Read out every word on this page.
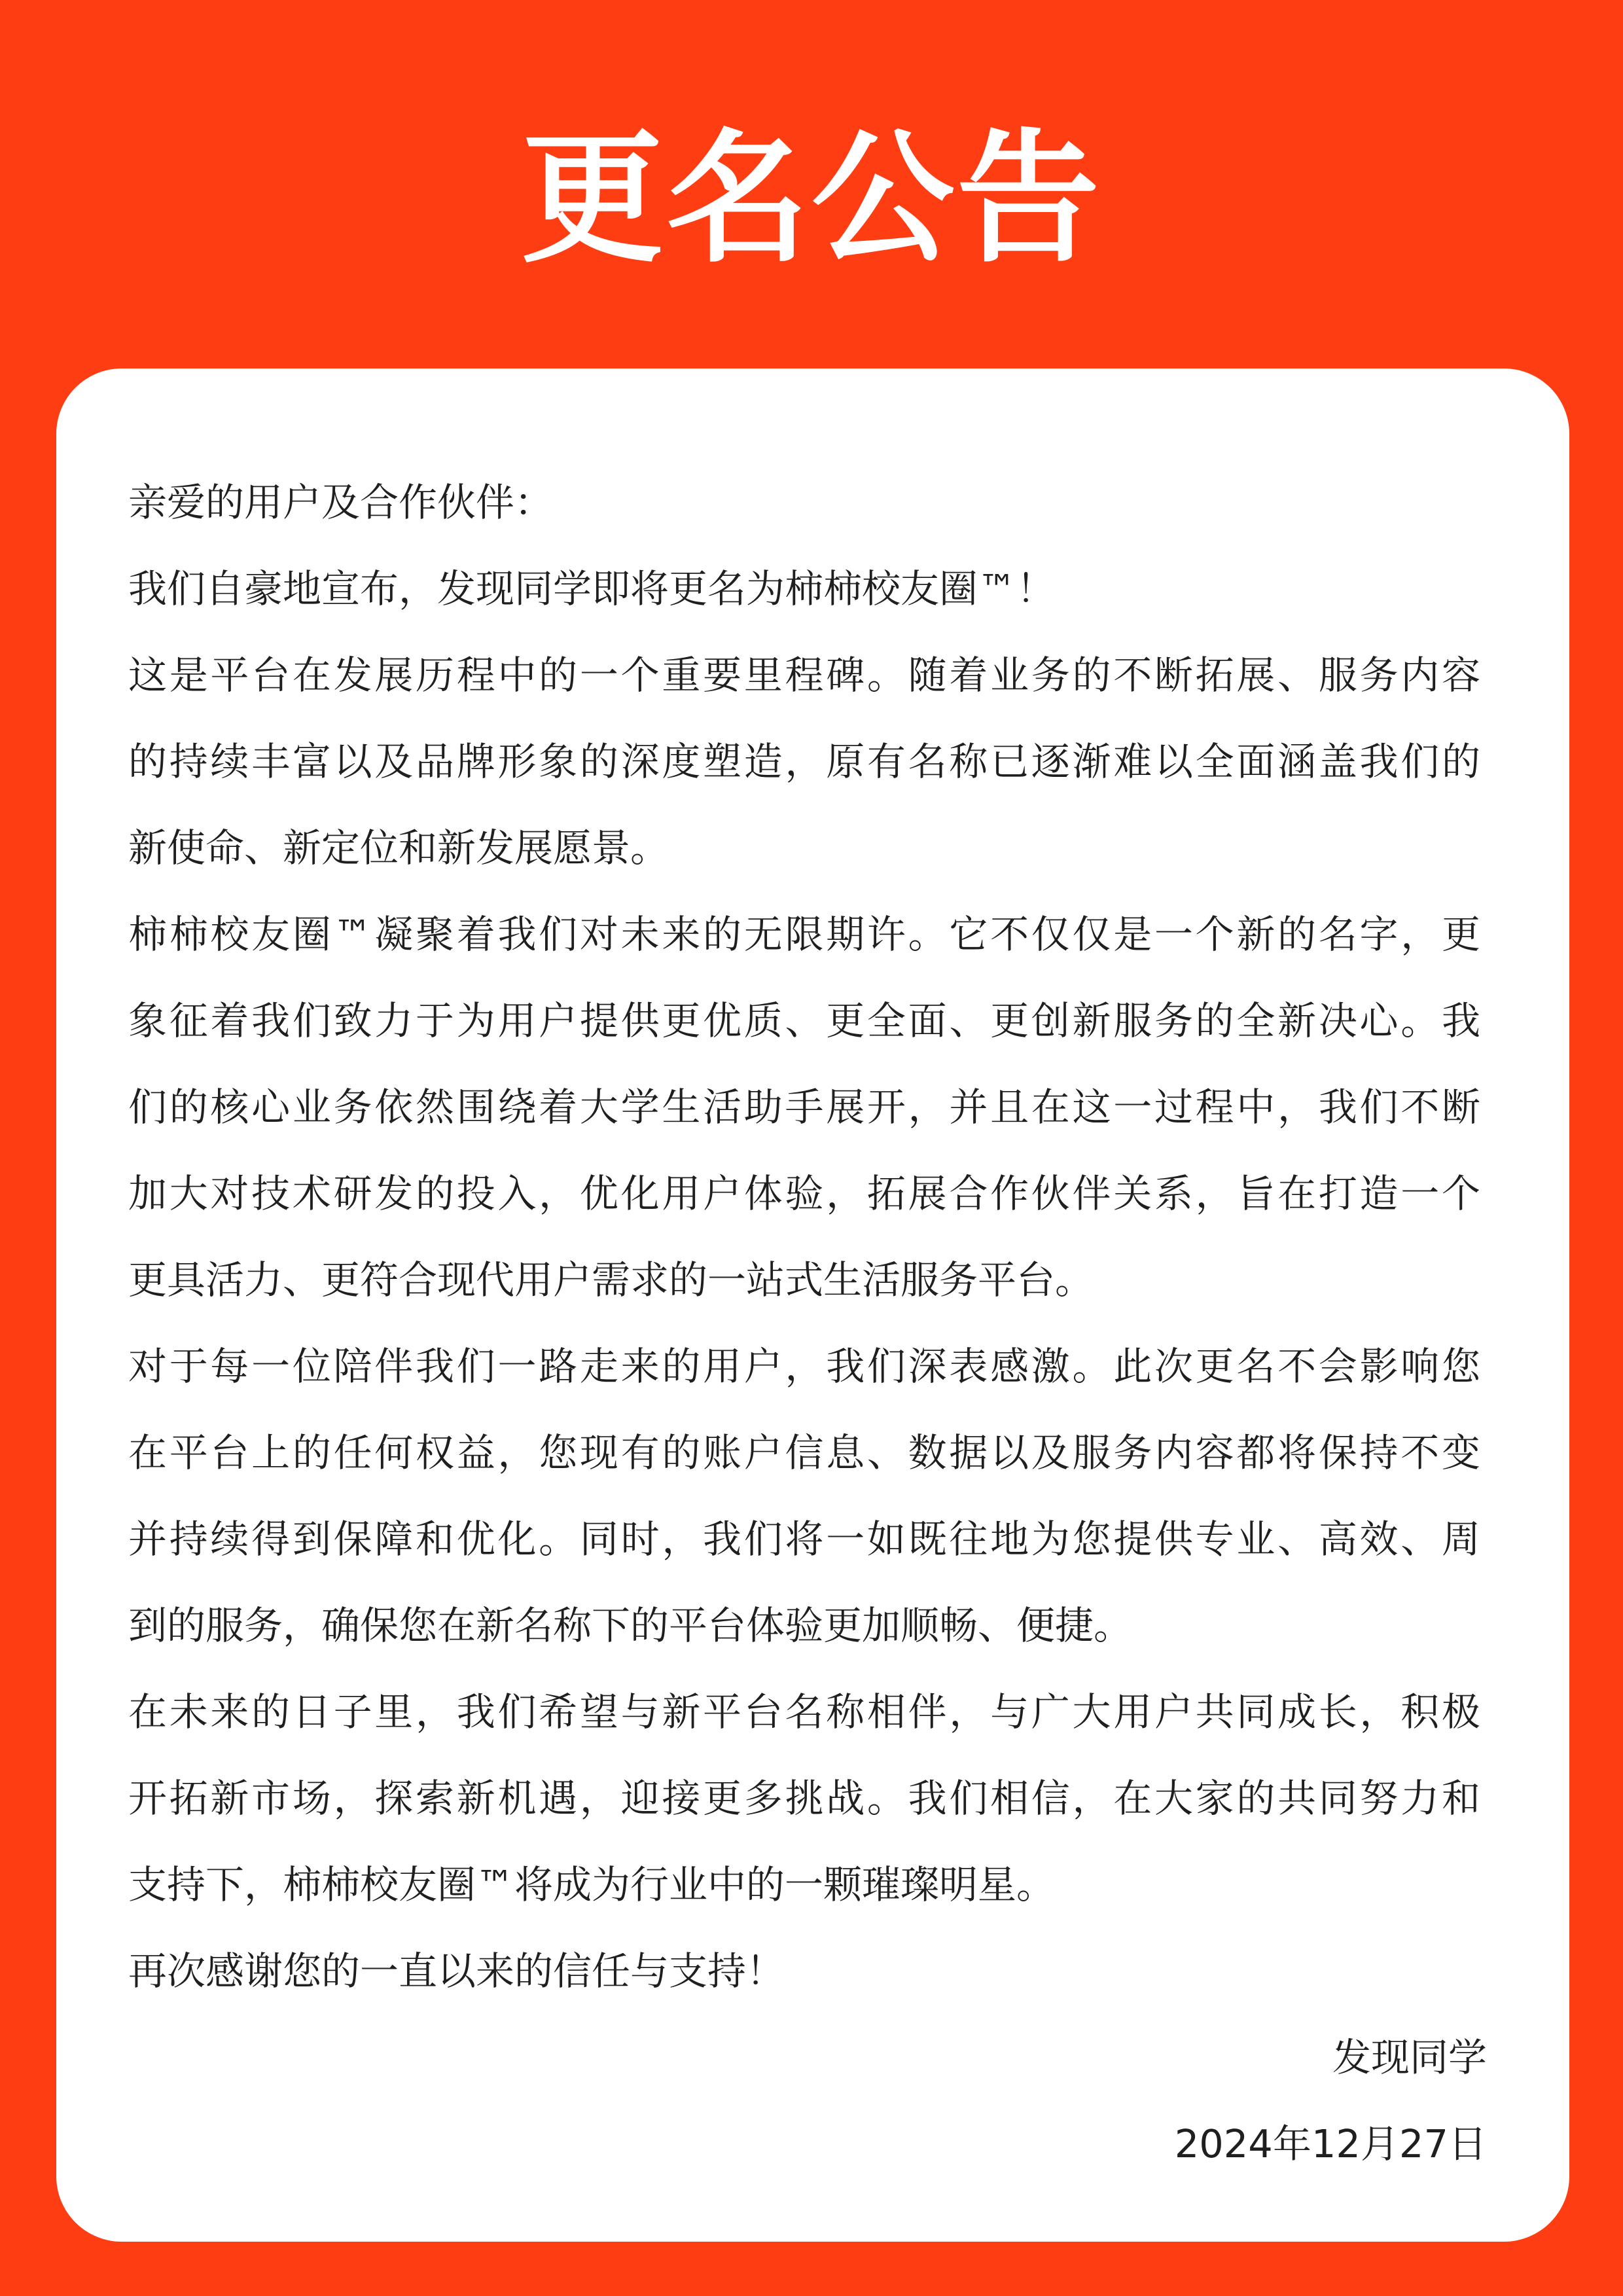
更名公告

亲爱的用户及合作伙伴：

我们自豪地宣布，发现同学即将更名为柿柿校友圈™！

这是平台在发展历程中的一个重要里程碑。随着业务的不断拓展、服务内容

的持续丰富以及品牌形象的深度塑造，原有名称已逐渐难以全面涵盖我们的

新使命、新定位和新发展愿景。

柿柿校友圈™凝聚着我们对未来的无限期许。它不仅仅是一个新的名字，更

象征着我们致力于为用户提供更优质、更全面、更创新服务的全新决心。我

们的核心业务依然围绕着大学生活助手展开，并且在这一过程中，我们不断

加大对技术研发的投入，优化用户体验，拓展合作伙伴关系，旨在打造一个

更具活力、更符合现代用户需求的一站式生活服务平台。

对于每一位陪伴我们一路走来的用户，我们深表感激。此次更名不会影响您

在平台上的任何权益，您现有的账户信息、数据以及服务内容都将保持不变

并持续得到保障和优化。同时，我们将一如既往地为您提供专业、高效、周

到的服务，确保您在新名称下的平台体验更加顺畅、便捷。

在未来的日子里，我们希望与新平台名称相伴，与广大用户共同成长，积极

开拓新市场，探索新机遇，迎接更多挑战。我们相信，在大家的共同努力和

支持下，柿柿校友圈™将成为行业中的一颗璀璨明星。

再次感谢您的一直以来的信任与支持！

发现同学

2024年12月27日
